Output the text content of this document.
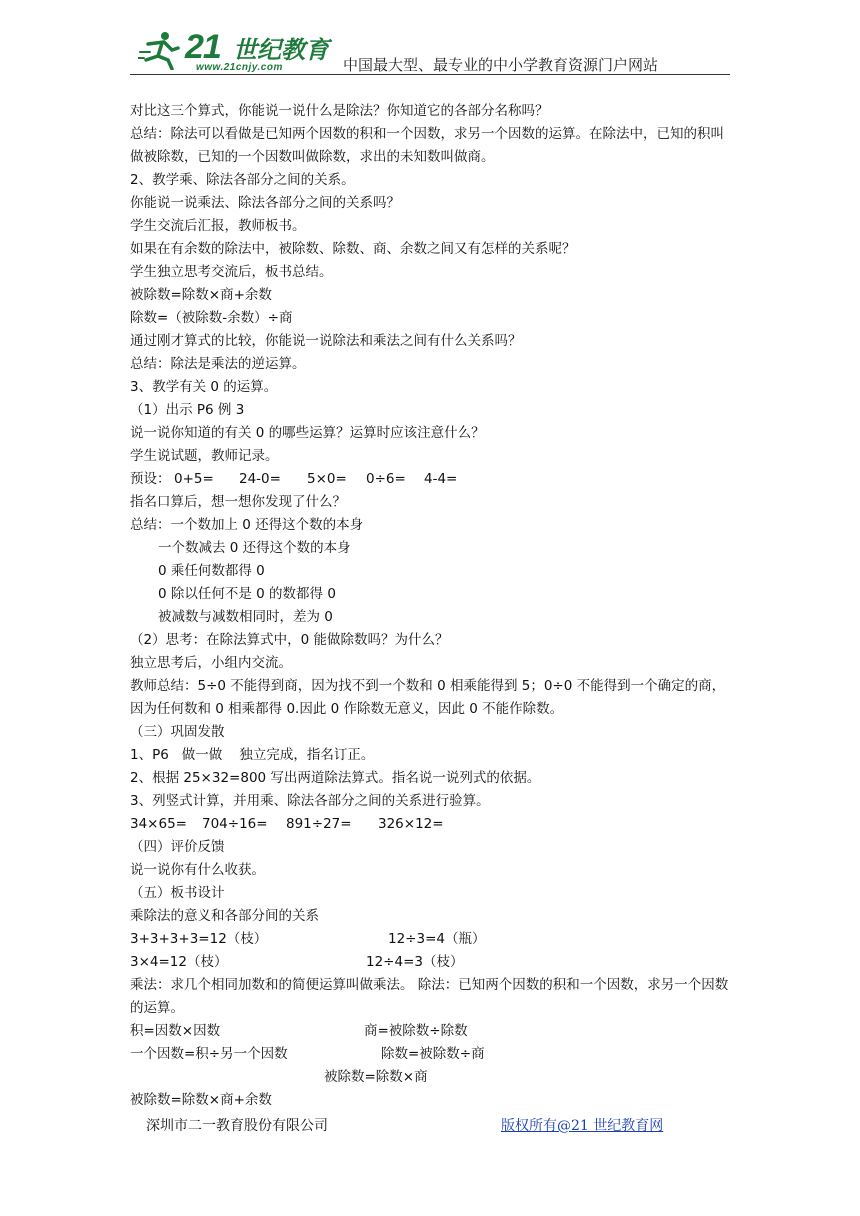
21 世纪教育
www.21cnjy.com	中国最大型、最专业的中小学教育资源门户网站
对比这三个算式，你能说一说什么是除法？你知道它的各部分名称吗？
总结：除法可以看做是已知两个因数的积和一个因数，求另一个因数的运算。在除法中，已知的积叫做被除数，已知的一个因数叫做除数，求出的未知数叫做商。
2、教学乘、除法各部分之间的关系。
你能说一说乘法、除法各部分之间的关系吗？
学生交流后汇报，教师板书。
如果在有余数的除法中，被除数、除数、商、余数之间又有怎样的关系呢？
学生独立思考交流后，板书总结。
被除数=除数×商+余数
除数=（被除数-余数）÷商
通过刚才算式的比较，你能说一说除法和乘法之间有什么关系吗？
总结：除法是乘法的逆运算。
3、教学有关 0 的运算。
（1）出示 P6 例 3
说一说你知道的有关 0 的哪些运算？运算时应该注意什么？
学生说试题，教师记录。

预设：

0+5=

24-0=

5×0=

0÷6=

4-4=

指名口算后，想一想你发现了什么？
总结：一个数加上 0 还得这个数的本身
一个数减去 0 还得这个数的本身
0 乘任何数都得 0
0 除以任何不是 0 的数都得 0
被减数与减数相同时，差为 0
（2）思考：在除法算式中，0 能做除数吗？为什么？
独立思考后，小组内交流。
教师总结：5÷0 不能得到商，因为找不到一个数和 0 相乘能得到 5；0÷0 不能得到一个确定的商，因为任何数和 0 相乘都得 0.因此 0 作除数无意义，因此 0 不能作除数。
（三）巩固发散
1、P6   做一做    独立完成，指名订正。
2、根据 25×32=800 写出两道除法算式。指名说一说列式的依据。
3、列竖式计算，并用乘、除法各部分之间的关系进行验算。

34×65=

704÷16=

891÷27=

326×12=

（四）评价反馈
说一说你有什么收获。
（五）板书设计
乘除法的意义和各部分间的关系

3+3+3+3=12（枝）

	12÷3=4（瓶）

3×4=12（枝）

	12÷4=3（枝）

乘法：求几个相同加数和的简便运算叫做乘法。 除法：已知两个因数的积和一个因数，求另一个因数的运算。

积=因数×因数

	商=被除数÷除数

一个因数=积÷另一个因数

	除数=被除数÷商

被除数=除数×商

被除数=除数×商+余数
深圳市二一教育股份有限公司	版权所有@21 世纪教育网
